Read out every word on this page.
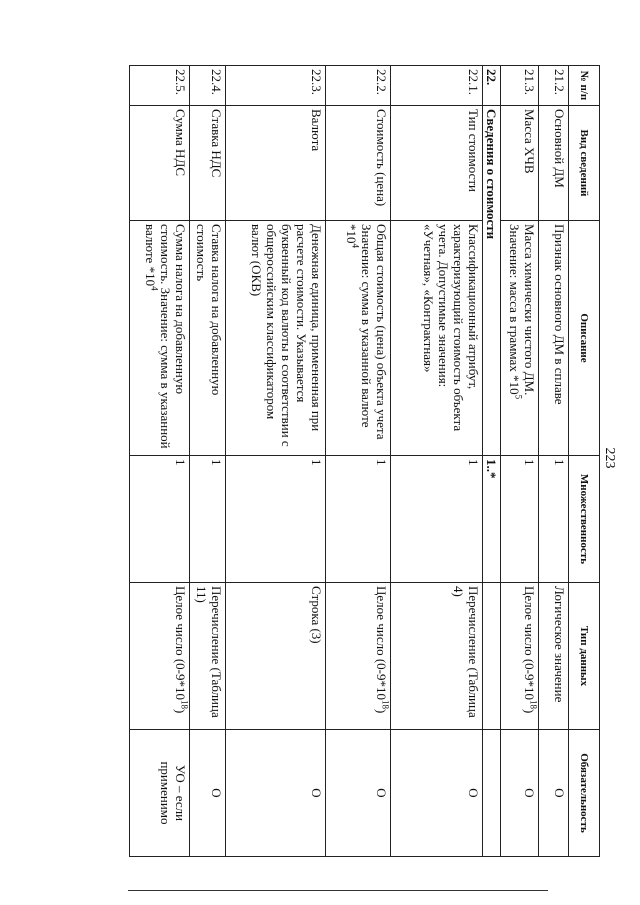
223
№ п/п	Вид сведений	Описание	Множественность	Тип данных	Обязательность
21.2.	Основной ДМ	Признак основного ДМ в сплаве	1	Логическое значение	О
21.3.	Масса ХЧВ	Масса химически чистого ДМ. Значение: масса в граммах $*10^5$	1	Целое число $(0-9*10^{18})$	О
22.	Сведения о стоимости		1..*		
22.1.	Тип стоимости	Классификационный атрибут, характеризующий стоимость объекта учета. Допустимые значения: «Учетная», «Контрактная»	1	Перечисление (Таблица 4)	О
22.2.	Стоимость (цена)	Общая стоимость (цена) объекта учета Значение: сумма в указанной валюте $*10^4$	1	Целое число $(0-9*10^{18})$	О
22.3.	Валюта	Денежная единица, примененная при расчете стоимости. Указывается буквенный код валюты в соответствии с общероссийским классификатором валют (ОКВ)	1	Строка (3)	О
22.4.	Ставка НДС	Ставка налога на добавленную стоимость	1	Перечисление (Таблица 11)	О
22.5.	Сумма НДС	Сумма налога на добавленную стоимость. Значение: сумма в указанной валюте $*10^4$	1	Целое число $(0-9*10^{18})$	УО – если применимо
